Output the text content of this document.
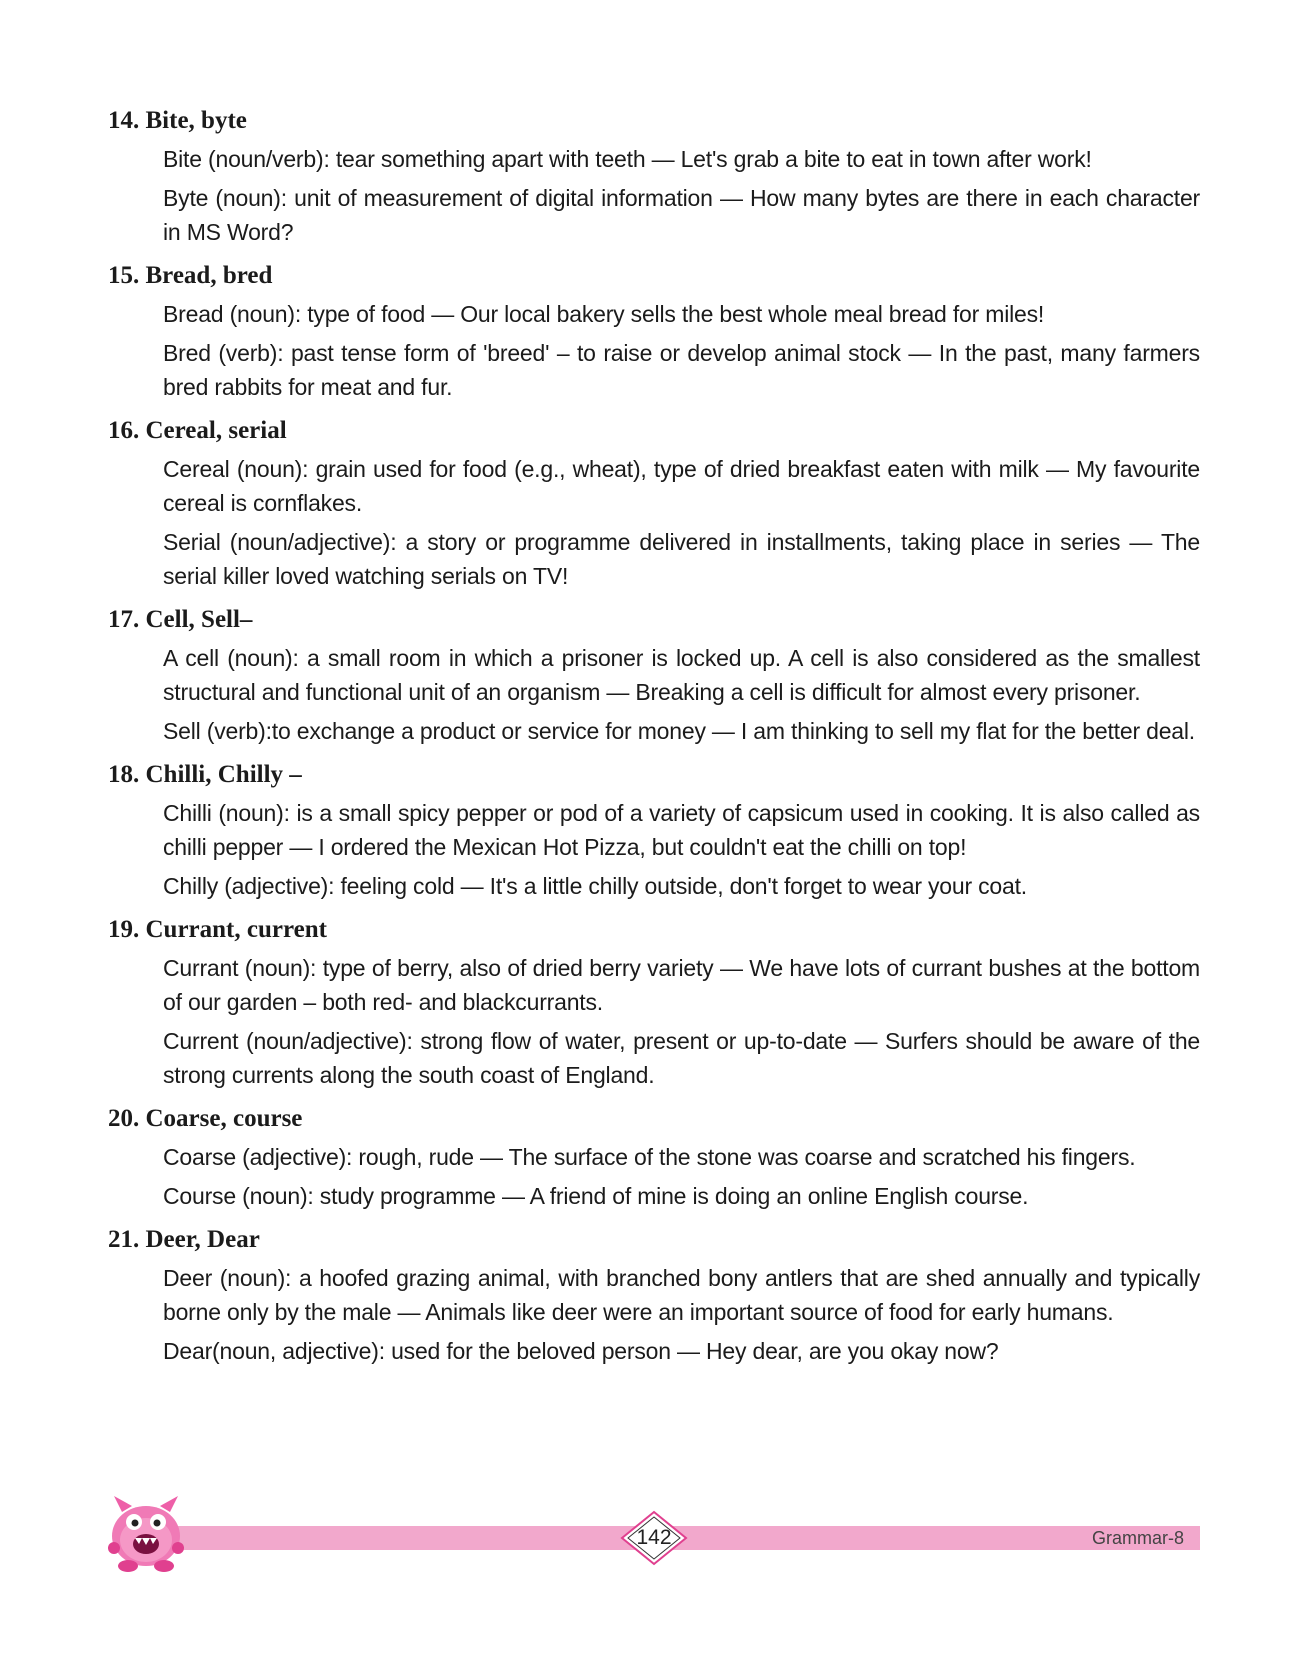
14. Bite, byte
Bite (noun/verb): tear something apart with teeth — Let's grab a bite to eat in town after work!
Byte (noun): unit of measurement of digital information — How many bytes are there in each character in MS Word?
15. Bread, bred
Bread (noun): type of food — Our local bakery sells the best whole meal bread for miles!
Bred (verb): past tense form of 'breed' – to raise or develop animal stock — In the past, many farmers bred rabbits for meat and fur.
16. Cereal, serial
Cereal (noun): grain used for food (e.g., wheat), type of dried breakfast eaten with milk — My favourite cereal is cornflakes.
Serial (noun/adjective): a story or programme delivered in installments, taking place in series — The serial killer loved watching serials on TV!
17. Cell, Sell–
A cell (noun): a small room in which a prisoner is locked up. A cell is also considered as the smallest structural and functional unit of an organism — Breaking a cell is difficult for almost every prisoner.
Sell (verb):to exchange a product or service for money — I am thinking to sell my flat for the better deal.
18. Chilli, Chilly –
Chilli (noun): is a small spicy pepper or pod of a variety of capsicum used in cooking. It is also called as chilli pepper — I ordered the Mexican Hot Pizza, but couldn't eat the chilli on top!
Chilly (adjective): feeling cold — It's a little chilly outside, don't forget to wear your coat.
19. Currant, current
Currant (noun): type of berry, also of dried berry variety — We have lots of currant bushes at the bottom of our garden – both red- and blackcurrants.
Current (noun/adjective): strong flow of water, present or up-to-date — Surfers should be aware of the strong currents along the south coast of England.
20. Coarse, course
Coarse (adjective): rough, rude — The surface of the stone was coarse and scratched his fingers.
Course (noun): study programme — A friend of mine is doing an online English course.
21. Deer, Dear
Deer (noun): a hoofed grazing animal, with branched bony antlers that are shed annually and typically borne only by the male — Animals like deer were an important source of food for early humans.
Dear(noun, adjective): used for the beloved person — Hey dear, are you okay now?
142	Grammar-8
